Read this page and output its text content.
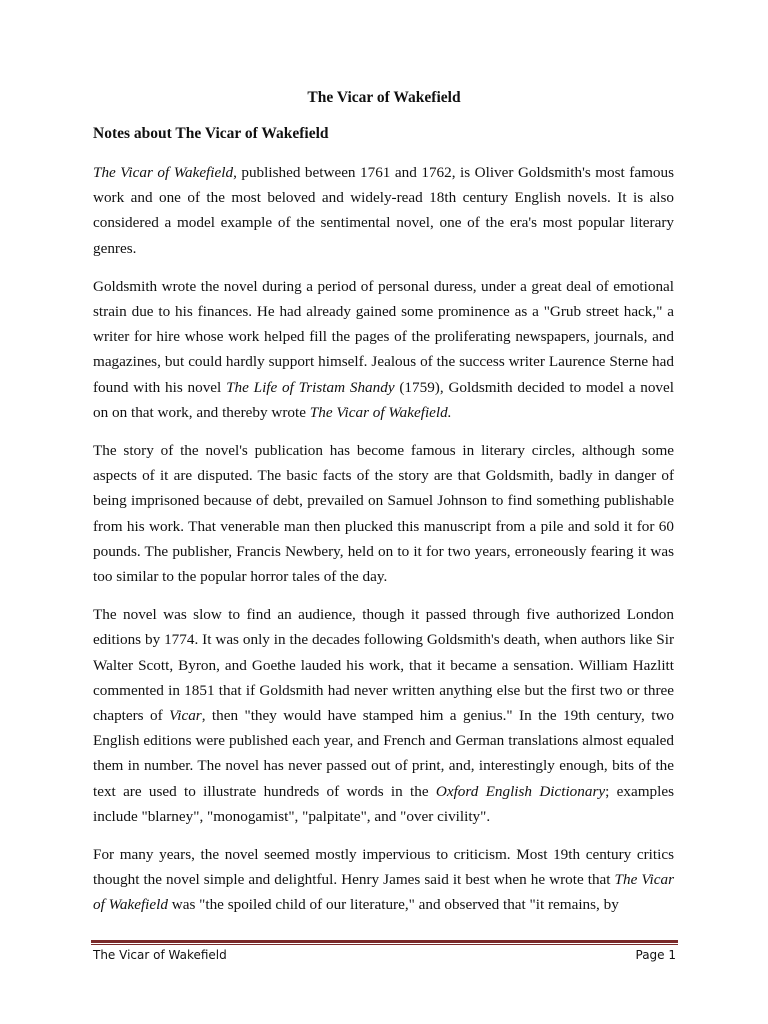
The Vicar of Wakefield
Notes about The Vicar of Wakefield

The Vicar of Wakefield, published between 1761 and 1762, is Oliver Goldsmith's most famous work and one of the most beloved and widely-read 18th century English novels. It is also considered a model example of the sentimental novel, one of the era's most popular literary genres.

Goldsmith wrote the novel during a period of personal duress, under a great deal of emotional strain due to his finances. He had already gained some prominence as a "Grub street hack," a writer for hire whose work helped fill the pages of the proliferating newspapers, journals, and magazines, but could hardly support himself. Jealous of the success writer Laurence Sterne had found with his novel The Life of Tristam Shandy (1759), Goldsmith decided to model a novel on on that work, and thereby wrote The Vicar of Wakefield.

The story of the novel's publication has become famous in literary circles, although some aspects of it are disputed. The basic facts of the story are that Goldsmith, badly in danger of being imprisoned because of debt, prevailed on Samuel Johnson to find something publishable from his work. That venerable man then plucked this manuscript from a pile and sold it for 60 pounds. The publisher, Francis Newbery, held on to it for two years, erroneously fearing it was too similar to the popular horror tales of the day.

The novel was slow to find an audience, though it passed through five authorized London editions by 1774. It was only in the decades following Goldsmith's death, when authors like Sir Walter Scott, Byron, and Goethe lauded his work, that it became a sensation. William Hazlitt commented in 1851 that if Goldsmith had never written anything else but the first two or three chapters of Vicar, then "they would have stamped him a genius." In the 19th century, two English editions were published each year, and French and German translations almost equaled them in number. The novel has never passed out of print, and, interestingly enough, bits of the text are used to illustrate hundreds of words in the Oxford English Dictionary; examples include "blarney", "monogamist", "palpitate", and "over civility".

For many years, the novel seemed mostly impervious to criticism. Most 19th century critics thought the novel simple and delightful. Henry James said it best when he wrote that The Vicar of Wakefield was "the spoiled child of our literature," and observed that "it remains, by

The Vicar of Wakefield	Page 1
